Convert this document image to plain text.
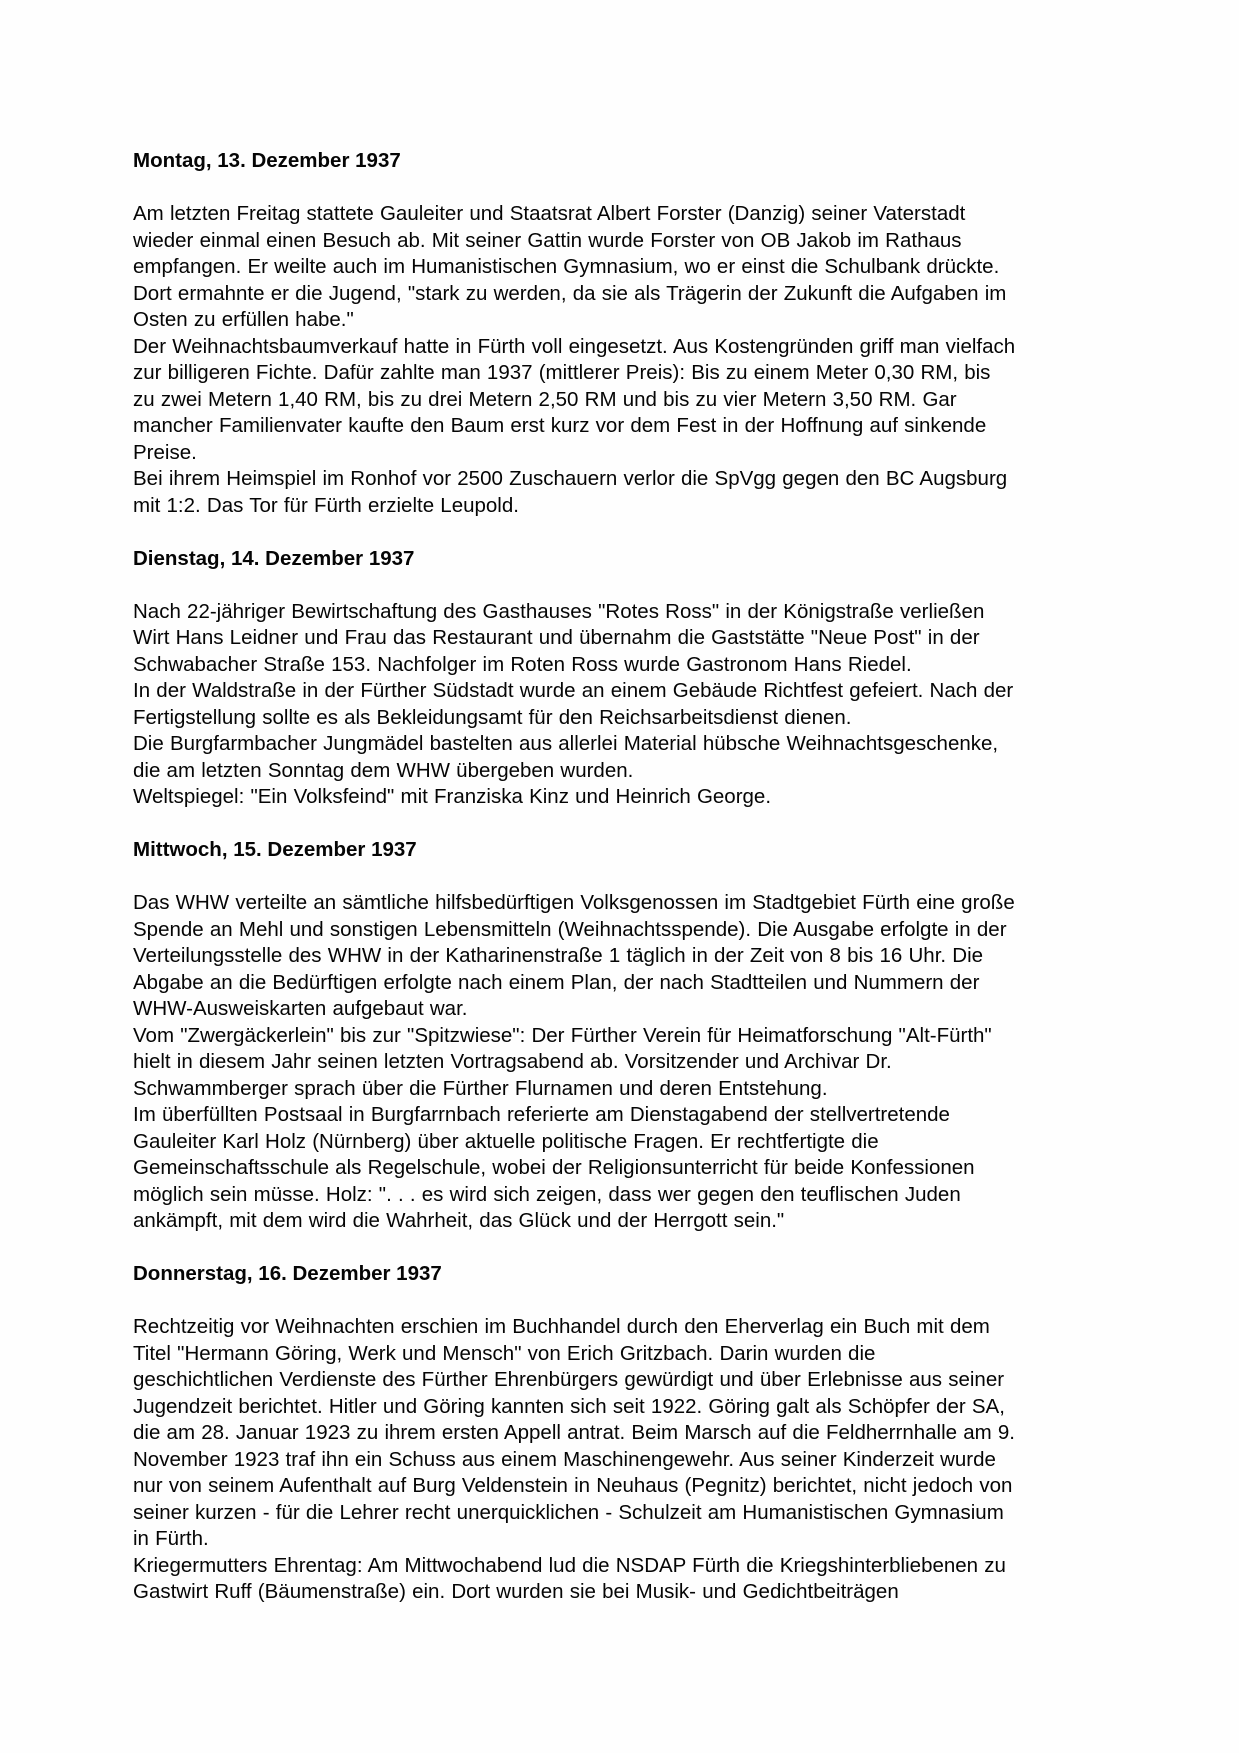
Montag, 13. Dezember 1937

Am letzten Freitag stattete Gauleiter und Staatsrat Albert Forster (Danzig) seiner Vaterstadt wieder einmal einen Besuch ab. Mit seiner Gattin wurde Forster von OB Jakob im Rathaus empfangen. Er weilte auch im Humanistischen Gymnasium, wo er einst die Schulbank drückte. Dort ermahnte er die Jugend, "stark zu werden, da sie als Trägerin der Zukunft die Aufgaben im Osten zu erfüllen habe."

Der Weihnachtsbaumverkauf hatte in Fürth voll eingesetzt. Aus Kostengründen griff man vielfach zur billigeren Fichte. Dafür zahlte man 1937 (mittlerer Preis): Bis zu einem Meter 0,30 RM, bis zu zwei Metern 1,40 RM, bis zu drei Metern 2,50 RM und bis zu vier Metern 3,50 RM. Gar mancher Familienvater kaufte den Baum erst kurz vor dem Fest in der Hoffnung auf sinkende Preise.

Bei ihrem Heimspiel im Ronhof vor 2500 Zuschauern verlor die SpVgg gegen den BC Augsburg mit 1:2. Das Tor für Fürth erzielte Leupold.

Dienstag, 14. Dezember 1937

Nach 22-jähriger Bewirtschaftung des Gasthauses "Rotes Ross" in der Königstraße verließen Wirt Hans Leidner und Frau das Restaurant und übernahm die Gaststätte "Neue Post" in der Schwabacher Straße 153. Nachfolger im Roten Ross wurde Gastronom Hans Riedel.

In der Waldstraße in der Fürther Südstadt wurde an einem Gebäude Richtfest gefeiert. Nach der Fertigstellung sollte es als Bekleidungsamt für den Reichsarbeitsdienst dienen.

Die Burgfarmbacher Jungmädel bastelten aus allerlei Material hübsche Weihnachtsgeschenke, die am letzten Sonntag dem WHW übergeben wurden.

Weltspiegel: "Ein Volksfeind" mit Franziska Kinz und Heinrich George.

Mittwoch, 15. Dezember 1937

Das WHW verteilte an sämtliche hilfsbedürftigen Volksgenossen im Stadtgebiet Fürth eine große Spende an Mehl und sonstigen Lebensmitteln (Weihnachtsspende). Die Ausgabe erfolgte in der Verteilungsstelle des WHW in der Katharinenstraße 1 täglich in der Zeit von 8 bis 16 Uhr. Die Abgabe an die Bedürftigen erfolgte nach einem Plan, der nach Stadtteilen und Nummern der WHW-Ausweiskarten aufgebaut war.

Vom "Zwergäckerlein" bis zur "Spitzwiese": Der Fürther Verein für Heimatforschung "Alt-Fürth" hielt in diesem Jahr seinen letzten Vortragsabend ab. Vorsitzender und Archivar Dr. Schwammberger sprach über die Fürther Flurnamen und deren Entstehung.

Im überfüllten Postsaal in Burgfarrnbach referierte am Dienstagabend der stellvertretende Gauleiter Karl Holz (Nürnberg) über aktuelle politische Fragen. Er rechtfertigte die Gemeinschaftsschule als Regelschule, wobei der Religionsunterricht für beide Konfessionen möglich sein müsse. Holz: ". . . es wird sich zeigen, dass wer gegen den teuflischen Juden ankämpft, mit dem wird die Wahrheit, das Glück und der Herrgott sein."

Donnerstag, 16. Dezember 1937

Rechtzeitig vor Weihnachten erschien im Buchhandel durch den Eherverlag ein Buch mit dem Titel "Hermann Göring, Werk und Mensch" von Erich Gritzbach. Darin wurden die geschichtlichen Verdienste des Fürther Ehrenbürgers gewürdigt und über Erlebnisse aus seiner Jugendzeit berichtet. Hitler und Göring kannten sich seit 1922. Göring galt als Schöpfer der SA, die am 28. Januar 1923 zu ihrem ersten Appell antrat. Beim Marsch auf die Feldherrnhalle am 9. November 1923 traf ihn ein Schuss aus einem Maschinengewehr. Aus seiner Kinderzeit wurde nur von seinem Aufenthalt auf Burg Veldenstein in Neuhaus (Pegnitz) berichtet, nicht jedoch von seiner kurzen - für die Lehrer recht unerquicklichen - Schulzeit am Humanistischen Gymnasium in Fürth.

Kriegermutters Ehrentag: Am Mittwochabend lud die NSDAP Fürth die Kriegshinterbliebenen zu Gastwirt Ruff (Bäumenstraße) ein. Dort wurden sie bei Musik- und Gedichtbeiträgen
